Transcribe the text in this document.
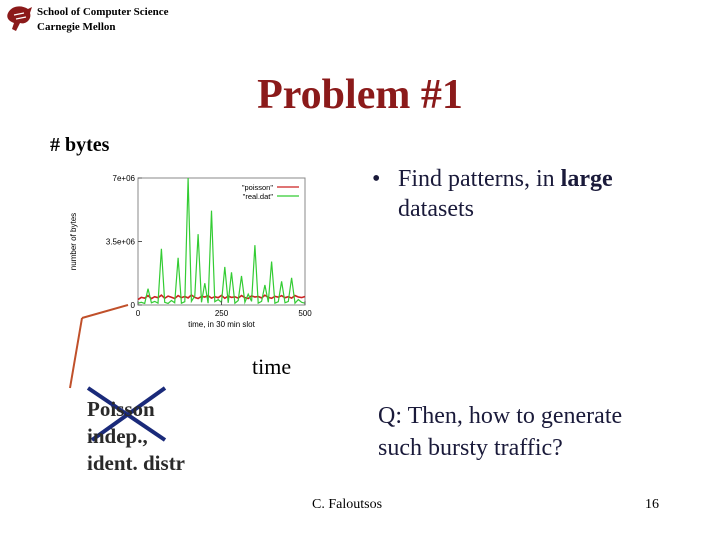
School of Computer Science
Carnegie Mellon
Problem #1
# bytes
• Find patterns, in large
datasets
0
3.5e+06
7e+06
0	250	500
time, in 30 min slot
number of bytes
"poisson"
"real.dat"
time
Poisson
indep.,
ident. distr
Q: Then, how to generate
such bursty traffic?
C. Faloutsos	16
